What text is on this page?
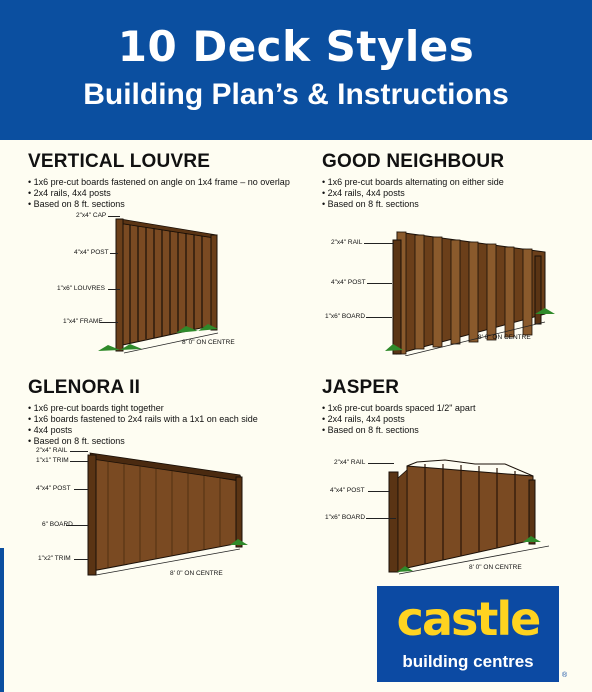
10 Deck Styles
Building Plan’s & Instructions
VERTICAL LOUVRE
• 1x6 pre-cut boards fastened on angle on 1x4 frame – no overlap
• 2x4 rails, 4x4 posts
• Based on 8 ft. sections
2"x4" CAP
4"x4" POST
1"x6" LOUVRES
1"x4" FRAME
8' 0" ON CENTRE
GOOD NEIGHBOUR
• 1x6 pre-cut boards alternating on either side
• 2x4 rails, 4x4 posts
• Based on 8 ft. sections
2"x4" RAIL
4"x4" POST
1"x6" BOARD
8' 0" ON CENTRE
GLENORA II
• 1x6 pre-cut boards tight together
• 1x6 boards fastened to 2x4 rails with a 1x1 on each side
• 4x4 posts
• Based on 8 ft. sections
2"x4" RAIL
1"x1" TRIM
4"x4" POST
6" BOARD
1"x2" TRIM
8' 0" ON CENTRE
JASPER
• 1x6 pre-cut boards spaced 1/2" apart
• 2x4 rails, 4x4 posts
• Based on 8 ft. sections
2"x4" RAIL
4"x4" POST
1"x6" BOARD
8' 0" ON CENTRE
castle
building centres
®
